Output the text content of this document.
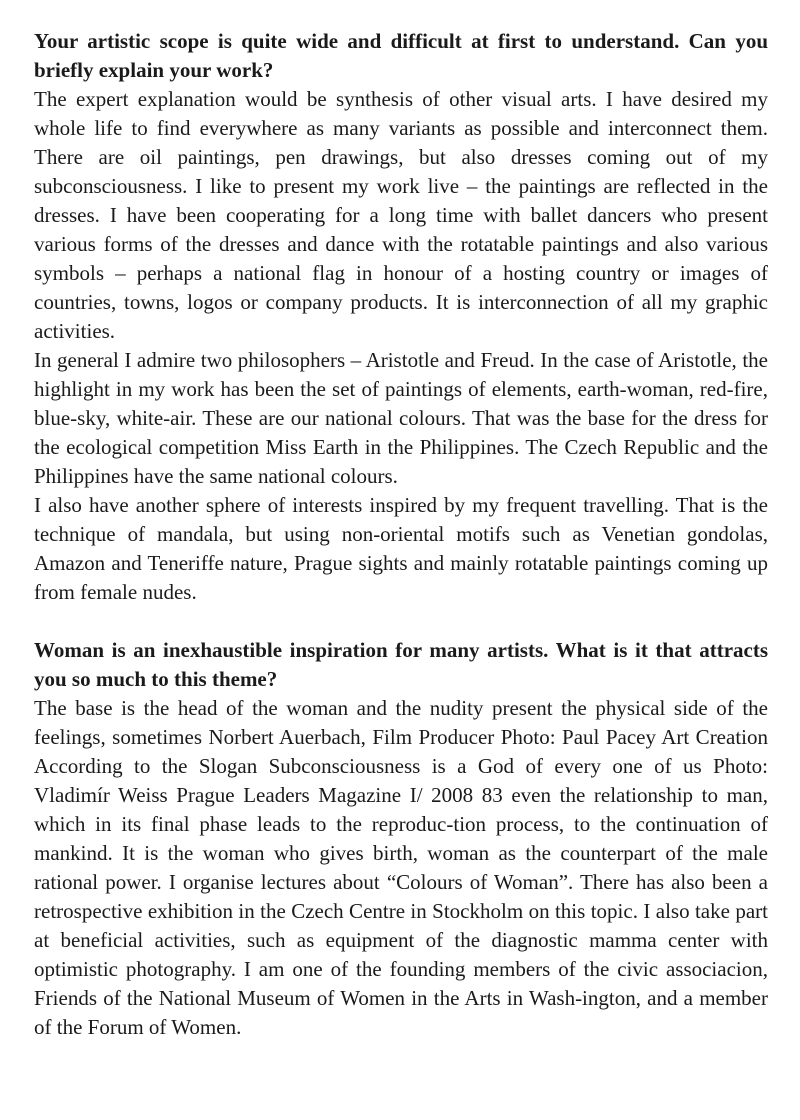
Your artistic scope is quite wide and difficult at first to understand. Can you briefly explain your work?

The expert explanation would be synthesis of other visual arts. I have desired my whole life to find everywhere as many variants as possible and interconnect them. There are oil paintings, pen drawings, but also dresses coming out of my subconsciousness. I like to present my work live – the paintings are reflected in the dresses. I have been cooperating for a long time with ballet dancers who present various forms of the dresses and dance with the rotatable paintings and also various symbols – perhaps a national flag in honour of a hosting country or images of countries, towns, logos or company products. It is interconnection of all my graphic activities.

In general I admire two philosophers – Aristotle and Freud. In the case of Aristotle, the highlight in my work has been the set of paintings of elements, earth-woman, red-fire, blue-sky, white-air. These are our national colours. That was the base for the dress for the ecological competition Miss Earth in the Philippines. The Czech Republic and the Philippines have the same national colours.

I also have another sphere of interests inspired by my frequent travelling. That is the technique of mandala, but using non-oriental motifs such as Venetian gondolas, Amazon and Teneriffe nature, Prague sights and mainly rotatable paintings coming up from female nudes.

Woman is an inexhaustible inspiration for many artists. What is it that attracts you so much to this theme?

The base is the head of the woman and the nudity present the physical side of the feelings, sometimes Norbert Auerbach, Film Producer Photo: Paul Pacey Art Creation According to the Slogan Subconsciousness is a God of every one of us Photo: Vladimír Weiss Prague Leaders Magazine I/ 2008 83 even the relationship to man, which in its final phase leads to the reproduc-tion process, to the continuation of mankind. It is the woman who gives birth, woman as the counterpart of the male rational power. I organise lectures about “Colours of Woman”. There has also been a retrospective exhibition in the Czech Centre in Stockholm on this topic. I also take part at beneficial activities, such as equipment of the diagnostic mamma center with optimistic photography. I am one of the founding members of the civic associacion, Friends of the National Museum of Women in the Arts in Wash-ington, and a member of the Forum of Women.
